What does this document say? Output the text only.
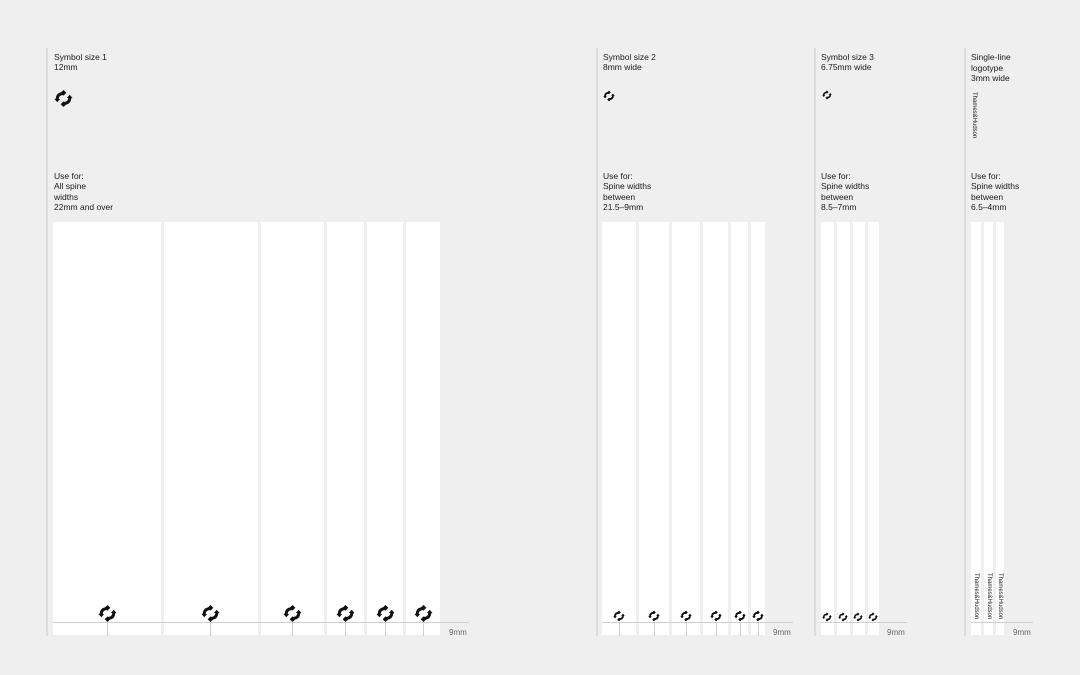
Symbol size 1
12mm
Use for:
All spine
widths
22mm and over
9mm
Symbol size 2
8mm wide
Use for:
Spine widths
between
21.5–9mm
9mm
Symbol size 3
6.75mm wide
Use for:
Spine widths
between
8.5–7mm
9mm
Single-line
logotype
3mm wide
Thames&Hudson
Use for:
Spine widths
between
6.5–4mm
Thames&Hudson Thames&Hudson Thames&Hudson
9mm
